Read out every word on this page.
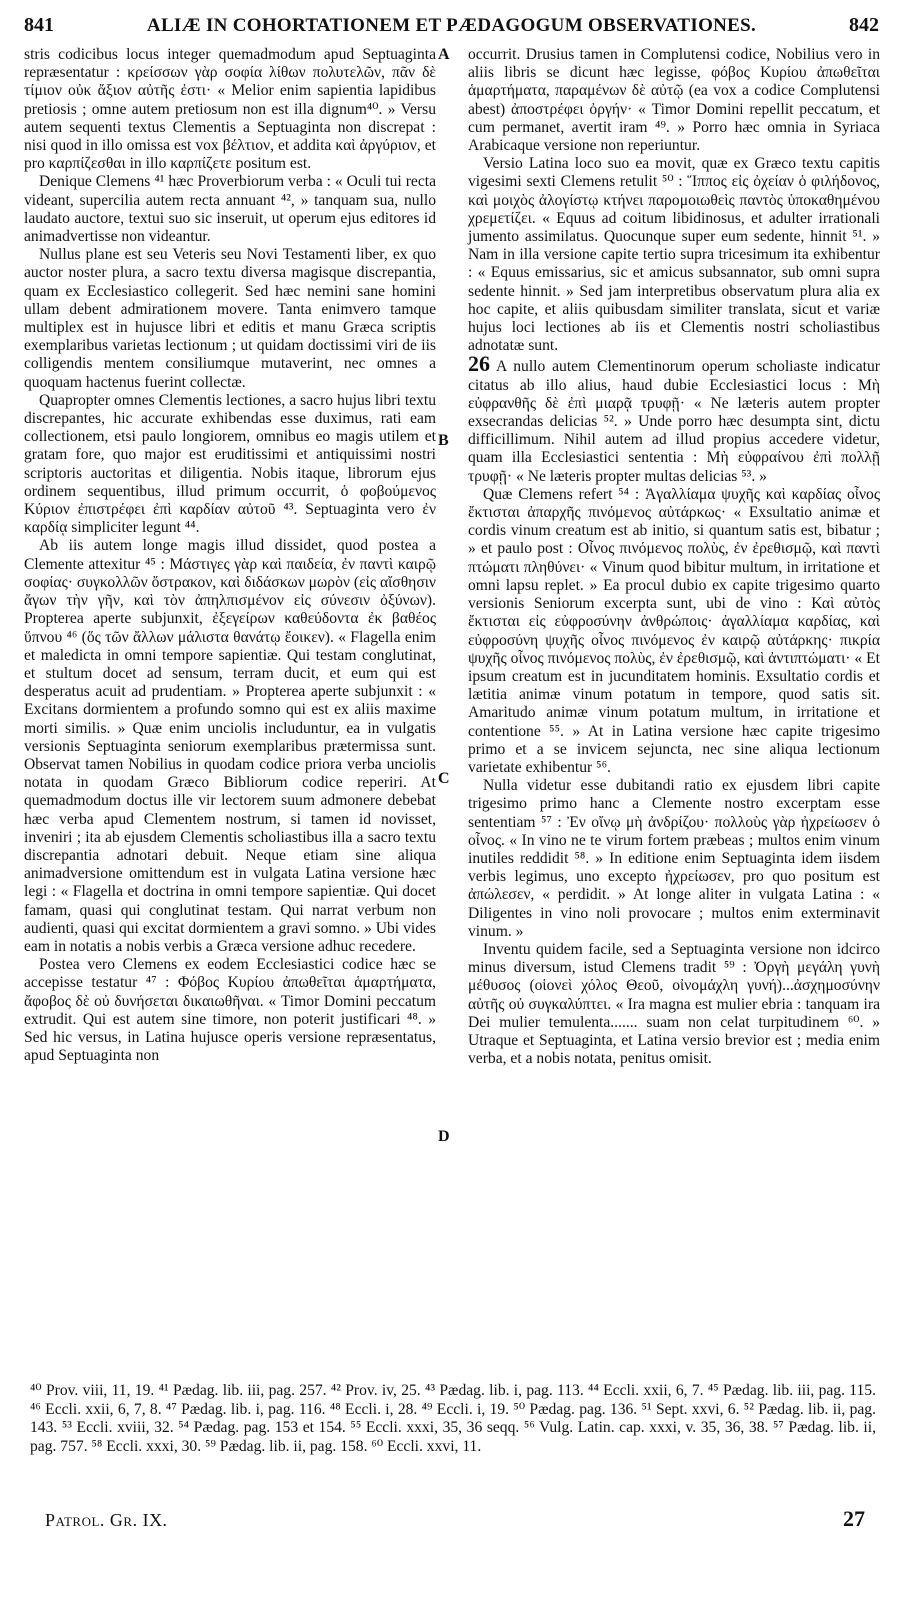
841	ALIÆ IN COHORTATIONEM ET PÆDAGOGUM OBSERVATIONES.	842

stris codicibus locus integer quemadmodum apud Septuaginta repræsentatur : κρείσσων γὰρ σοφία λίθων πολυτελῶν, πᾶν δὲ τίμιον οὐκ ἄξιον αὐτῆς ἐστι· « Melior enim sapientia lapidibus pretiosis ; omne autem pretiosum non est illa dignum⁴⁰. » Versu autem sequenti textus Clementis a Septuaginta non discrepat : nisi quod in illo omissa est vox βέλτιον, et addita καὶ ἀργύριον, et pro καρπίζεσθαι in illo καρπίζετε positum est.

Denique Clemens ⁴¹ hæc Proverbiorum verba : « Oculi tui recta videant, supercilia autem recta annuant ⁴², » tanquam sua, nullo laudato auctore, textui suo sic inseruit, ut operum ejus editores id animadvertisse non videantur.

Nullus plane est seu Veteris seu Novi Testamenti liber, ex quo auctor noster plura, a sacro textu diversa magisque discrepantia, quam ex Ecclesiastico collegerit. Sed hæc nemini sane homini ullam debent admirationem movere. Tanta enimvero tamque multiplex est in hujusce libri et editis et manu Græca scriptis exemplaribus varietas lectionum ; ut quidam doctissimi viri de iis colligendis mentem consiliumque mutaverint, nec omnes a quoquam hactenus fuerint collectæ.

Quapropter omnes Clementis lectiones, a sacro hujus libri textu discrepantes, hic accurate exhibendas esse duximus, rati eam collectionem, etsi paulo longiorem, omnibus eo magis utilem et gratam fore, quo major est eruditissimi et antiquissimi nostri scriptoris auctoritas et diligentia. Nobis itaque, librorum ejus ordinem sequentibus, illud primum occurrit, ὁ φοβούμενος Κύριον ἐπιστρέφει ἐπὶ καρδίαν αὐτοῦ ⁴³. Septuaginta vero ἐν καρδίᾳ simpliciter legunt ⁴⁴.

Ab iis autem longe magis illud dissidet, quod postea a Clemente attexitur ⁴⁵ : Μάστιγες γὰρ καὶ παιδεία, ἐν παντὶ καιρῷ σοφίας· συγκολλῶν ὄστρακον, καὶ διδάσκων μωρὸν (εἰς αἴσθησιν ἄγων τὴν γῆν, καὶ τὸν ἀπηλπισμένον εἰς σύνεσιν ὀξύνων). Propterea aperte subjunxit, ἐξεγείρων καθεύδοντα ἐκ βαθέος ὕπνου ⁴⁶ (ὅς τῶν ἄλλων μάλιστα θανάτῳ ἔοικεν). « Flagella enim et maledicta in omni tempore sapientiæ. Qui testam conglutinat, et stultum docet ad sensum, terram ducit, et eum qui est desperatus acuit ad prudentiam. » Propterea aperte subjunxit : « Excitans dormientem a profundo somno qui est ex aliis maxime morti similis. » Quæ enim unciolis includuntur, ea in vulgatis versionis Septuaginta seniorum exemplaribus prætermissa sunt. Observat tamen Nobilius in quodam codice priora verba unciolis notata in quodam Græco Bibliorum codice reperiri. At quemadmodum doctus ille vir lectorem suum admonere debebat hæc verba apud Clementem nostrum, si tamen id novisset, inveniri ; ita ab ejusdem Clementis scholiastibus illa a sacro textu discrepantia adnotari debuit. Neque etiam sine aliqua animadversione omittendum est in vulgata Latina versione hæc legi : « Flagella et doctrina in omni tempore sapientiæ. Qui docet famam, quasi qui conglutinat testam. Qui narrat verbum non audienti, quasi qui excitat dormientem a gravi somno. » Ubi vides eam in notatis a nobis verbis a Græca versione adhuc recedere.

Postea vero Clemens ex eodem Ecclesiastici codice hæc se accepisse testatur ⁴⁷ : Φόβος Κυρίου ἀπωθεῖται ἁμαρτήματα, ἄφοβος δὲ οὐ δυνήσεται δικαιωθῆναι. « Timor Domini peccatum extrudit. Qui est autem sine timore, non poterit justificari ⁴⁸. » Sed hic versus, in Latina hujusce operis versione repræsentatus, apud Septuaginta non

A
B
C
D

occurrit. Drusius tamen in Complutensi codice, Nobilius vero in aliis libris se dicunt hæc legisse, φόβος Κυρίου ἀπωθεῖται ἁμαρτήματα, παραμένων δὲ αὐτῷ (ea vox a codice Complutensi abest) ἀποστρέφει ὀργήν· « Timor Domini repellit peccatum, et cum permanet, avertit iram ⁴⁹. » Porro hæc omnia in Syriaca Arabicaque versione non reperiuntur.

Versio Latina loco suo ea movit, quæ ex Græco textu capitis vigesimi sexti Clemens retulit ⁵⁰ : Ἵππος εἰς ὀχείαν ὁ φιλήδονος, καὶ μοιχὸς ἀλογίστῳ κτήνει παρομοιωθεὶς παντὸς ὑποκαθημένου χρεμετίζει. « Equus ad coitum libidinosus, et adulter irrationali jumento assimilatus. Quocunque super eum sedente, hinnit ⁵¹. » Nam in illa versione capite tertio supra tricesimum ita exhibentur : « Equus emissarius, sic et amicus subsannator, sub omni supra sedente hinnit. » Sed jam interpretibus observatum plura alia ex hoc capite, et aliis quibusdam similiter translata, sicut et variæ hujus loci lectiones ab iis et Clementis nostri scholiastibus adnotatæ sunt.

26 A nullo autem Clementinorum operum scholiaste indicatur citatus ab illo alius, haud dubie Ecclesiastici locus : Μὴ εὐφρανθῆς δὲ ἐπὶ μιαρᾷ τρυφῇ· « Ne læteris autem propter exsecrandas delicias ⁵². » Unde porro hæc desumpta sint, dictu difficillimum. Nihil autem ad illud propius accedere videtur, quam illa Ecclesiastici sententia : Μὴ εὐφραίνου ἐπὶ πολλῇ τρυφῇ· « Ne læteris propter multas delicias ⁵³. »

Quæ Clemens refert ⁵⁴ : Ἀγαλλίαμα ψυχῆς καὶ καρδίας οἶνος ἔκτισται ἀπαρχῆς πινόμενος αὐτάρκως· « Exsultatio animæ et cordis vinum creatum est ab initio, si quantum satis est, bibatur ; » et paulo post : Οἶνος πινόμενος πολὺς, ἐν ἐρεθισμῷ, καὶ παντὶ πτώματι πληθύνει· « Vinum quod bibitur multum, in irritatione et omni lapsu replet. » Ea procul dubio ex capite trigesimo quarto versionis Seniorum excerpta sunt, ubi de vino : Καὶ αὐτὸς ἔκτισται εἰς εὐφροσύνην ἀνθρώποις· ἀγαλλίαμα καρδίας, καὶ εὐφροσύνη ψυχῆς οἶνος πινόμενος ἐν καιρῷ αὐτάρκης· πικρία ψυχῆς οἶνος πινόμενος πολὺς, ἐν ἐρεθισμῷ, καὶ ἀντιπτώματι· « Et ipsum creatum est in jucunditatem hominis. Exsultatio cordis et lætitia animæ vinum potatum in tempore, quod satis sit. Amaritudo animæ vinum potatum multum, in irritatione et contentione ⁵⁵. » At in Latina versione hæc capite trigesimo primo et a se invicem sejuncta, nec sine aliqua lectionum varietate exhibentur ⁵⁶.

Nulla videtur esse dubitandi ratio ex ejusdem libri capite trigesimo primo hanc a Clemente nostro excerptam esse sententiam ⁵⁷ : Ἐν οἴνῳ μὴ ἀνδρίζου· πολλοὺς γὰρ ἠχρείωσεν ὁ οἶνος. « In vino ne te virum fortem præbeas ; multos enim vinum inutiles reddidit ⁵⁸. » In editione enim Septuaginta idem iisdem verbis legimus, uno excepto ἠχρείωσεν, pro quo positum est ἀπώλεσεν, « perdidit. » At longe aliter in vulgata Latina : « Diligentes in vino noli provocare ; multos enim exterminavit vinum. »

Inventu quidem facile, sed a Septuaginta versione non idcirco minus diversum, istud Clemens tradit ⁵⁹ : Ὀργὴ μεγάλη γυνὴ μέθυσος (οἱονεὶ χόλος Θεοῦ, οἰνομάχλη γυνή)...ἀσχημοσύνην αὐτῆς οὐ συγκαλύπτει. « Ira magna est mulier ebria : tanquam ira Dei mulier temulenta....... suam non celat turpitudinem ⁶⁰. » Utraque et Septuaginta, et Latina versio brevior est ; media enim verba, et a nobis notata, penitus omisit.

⁴⁰ Prov. viii, 11, 19. ⁴¹ Pædag. lib. iii, pag. 257. ⁴² Prov. iv, 25. ⁴³ Pædag. lib. i, pag. 113. ⁴⁴ Eccli. xxii, 6, 7. ⁴⁵ Pædag. lib. iii, pag. 115. ⁴⁶ Eccli. xxii, 6, 7, 8. ⁴⁷ Pædag. lib. i, pag. 116. ⁴⁸ Eccli. i, 28. ⁴⁹ Eccli. i, 19. ⁵⁰ Pædag. pag. 136. ⁵¹ Sept. xxvi, 6. ⁵² Pædag. lib. ii, pag. 143. ⁵³ Eccli. xviii, 32. ⁵⁴ Pædag. pag. 153 et 154. ⁵⁵ Eccli. xxxi, 35, 36 seqq. ⁵⁶ Vulg. Latin. cap. xxxi, v. 35, 36, 38. ⁵⁷ Pædag. lib. ii, pag. 757. ⁵⁸ Eccli. xxxi, 30. ⁵⁹ Pædag. lib. ii, pag. 158. ⁶⁰ Eccli. xxvi, 11.
Patrol. Gr. IX.	27
